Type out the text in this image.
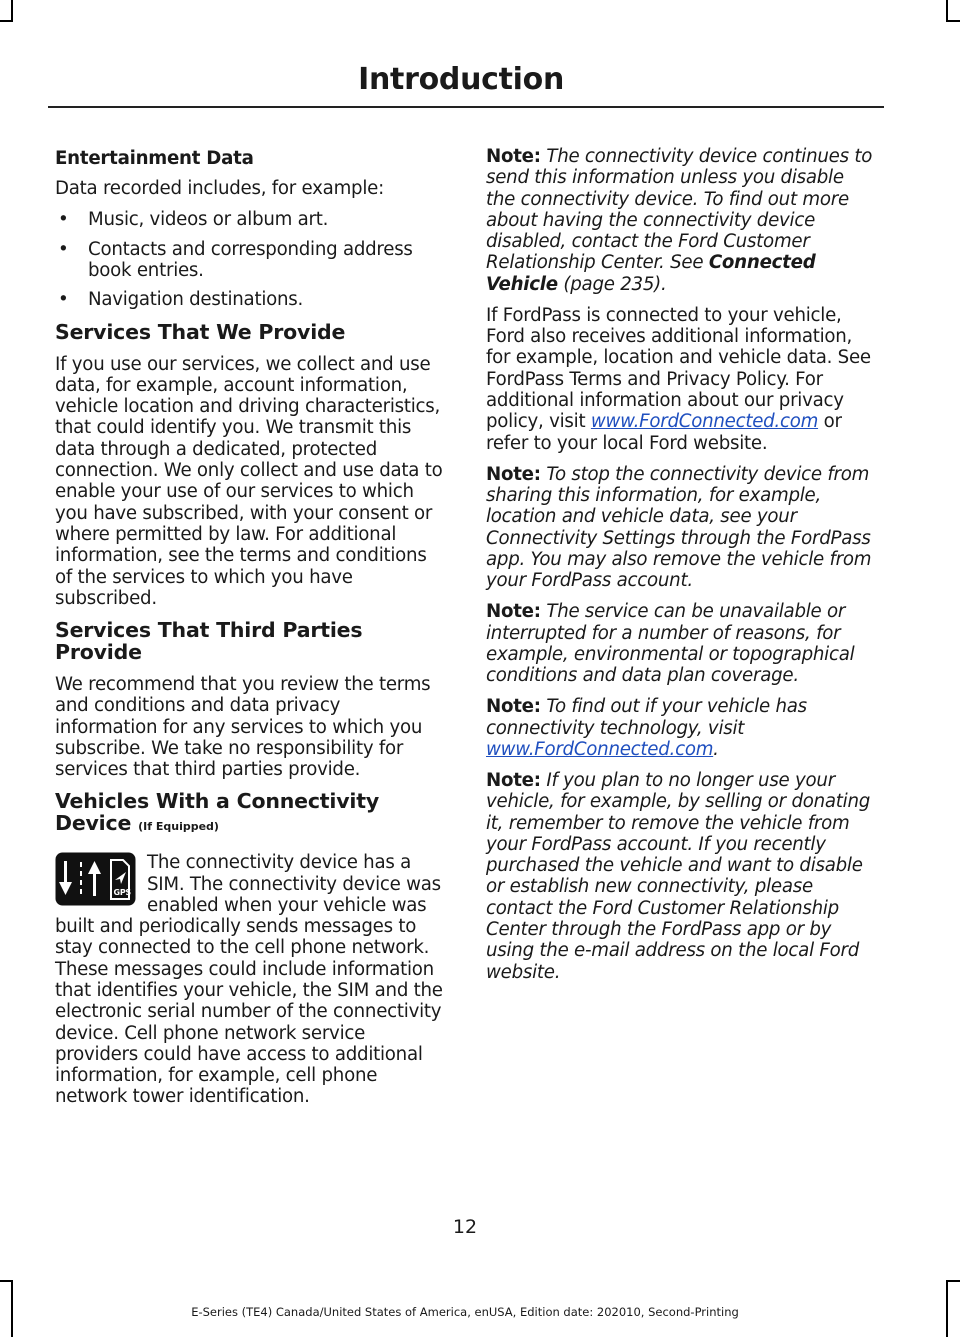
Introduction

Entertainment Data

Data recorded includes, for example:

• Music, videos or album art.
• Contacts and corresponding address book entries.
• Navigation destinations.
Services That We Provide

If you use our services, we collect and use data, for example, account information, vehicle location and driving characteristics, that could identify you. We transmit this data through a dedicated, protected connection. We only collect and use data to enable your use of our services to which you have subscribed, with your consent or where permitted by law. For additional information, see the terms and conditions of the services to which you have subscribed.

Services That Third Parties Provide

We recommend that you review the terms and conditions and data privacy information for any services to which you subscribe. We take no responsibility for services that third parties provide.

Vehicles With a Connectivity Device (If Equipped)
GPS

The connectivity device has a SIM. The connectivity device was enabled when your vehicle was built and periodically sends messages to stay connected to the cell phone network. These messages could include information that identifies your vehicle, the SIM and the electronic serial number of the connectivity device. Cell phone network service providers could have access to additional information, for example, cell phone network tower identification.

Note: The connectivity device continues to send this information unless you disable the connectivity device. To find out more about having the connectivity device disabled, contact the Ford Customer Relationship Center. See Connected Vehicle (page 235).

If FordPass is connected to your vehicle, Ford also receives additional information, for example, location and vehicle data. See FordPass Terms and Privacy Policy. For additional information about our privacy policy, visit www.FordConnected.com or refer to your local Ford website.

Note: To stop the connectivity device from sharing this information, for example, location and vehicle data, see your Connectivity Settings through the FordPass app. You may also remove the vehicle from your FordPass account.

Note: The service can be unavailable or interrupted for a number of reasons, for example, environmental or topographical conditions and data plan coverage.

Note: To find out if your vehicle has connectivity technology, visit www.FordConnected.com.

Note: If you plan to no longer use your vehicle, for example, by selling or donating it, remember to remove the vehicle from your FordPass account. If you recently purchased the vehicle and want to disable or establish new connectivity, please contact the Ford Customer Relationship Center through the FordPass app or by using the e-mail address on the local Ford website.

12
E-Series (TE4) Canada/United States of America, enUSA, Edition date: 202010, Second-Printing
